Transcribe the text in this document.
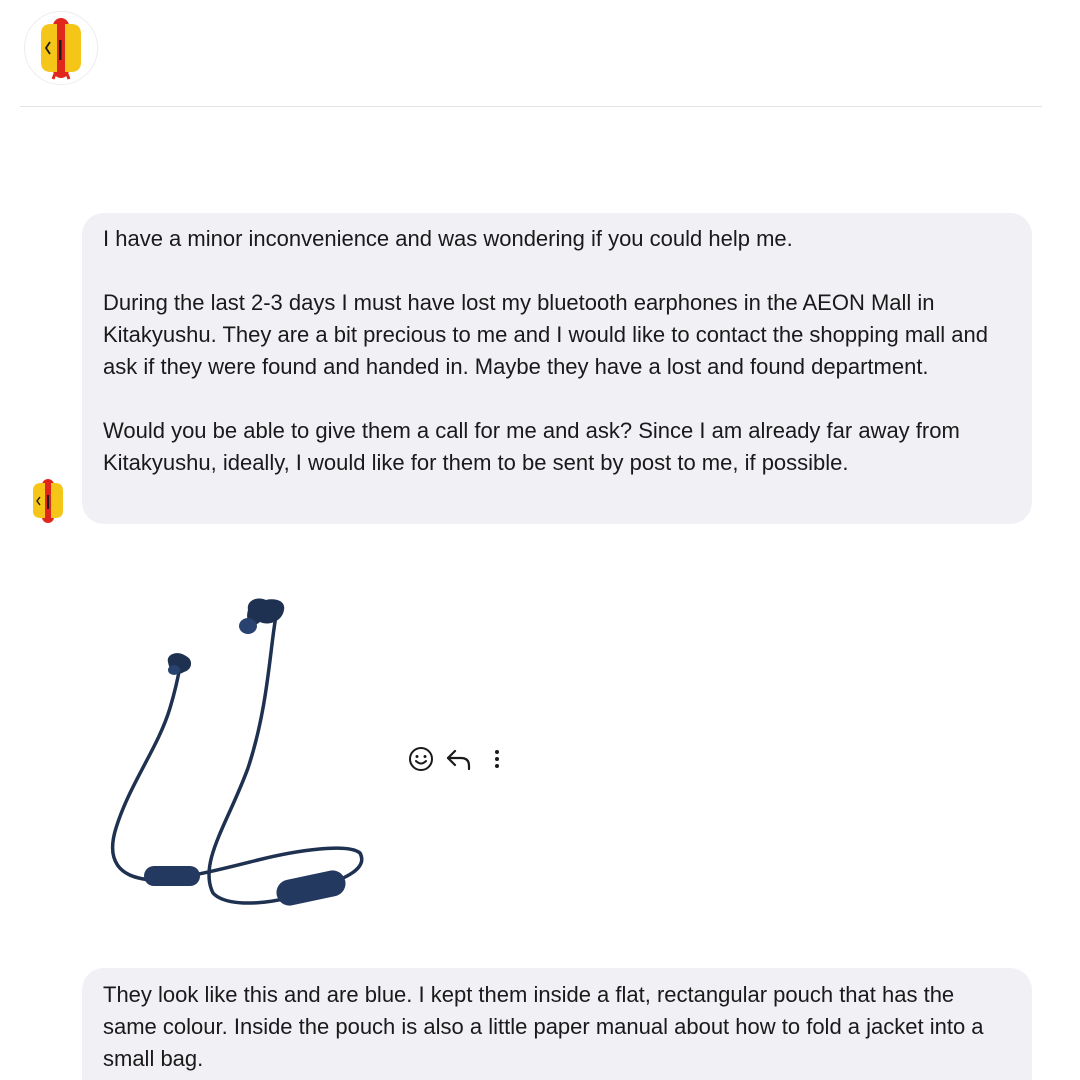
I have a minor inconvenience and was wondering if you could help me.

During the last 2-3 days I must have lost my bluetooth earphones in the AEON Mall in Kitakyushu. They are a bit precious to me and I would like to contact the shopping mall and ask if they were found and handed in. Maybe they have a lost and found department.

Would you be able to give them a call for me and ask? Since I am already far away from Kitakyushu, ideally, I would like for them to be sent by post to me, if possible.

They look like this and are blue. I kept them inside a flat, rectangular pouch that has the same colour. Inside the pouch is also a little paper manual about how to fold a jacket into a small bag.
